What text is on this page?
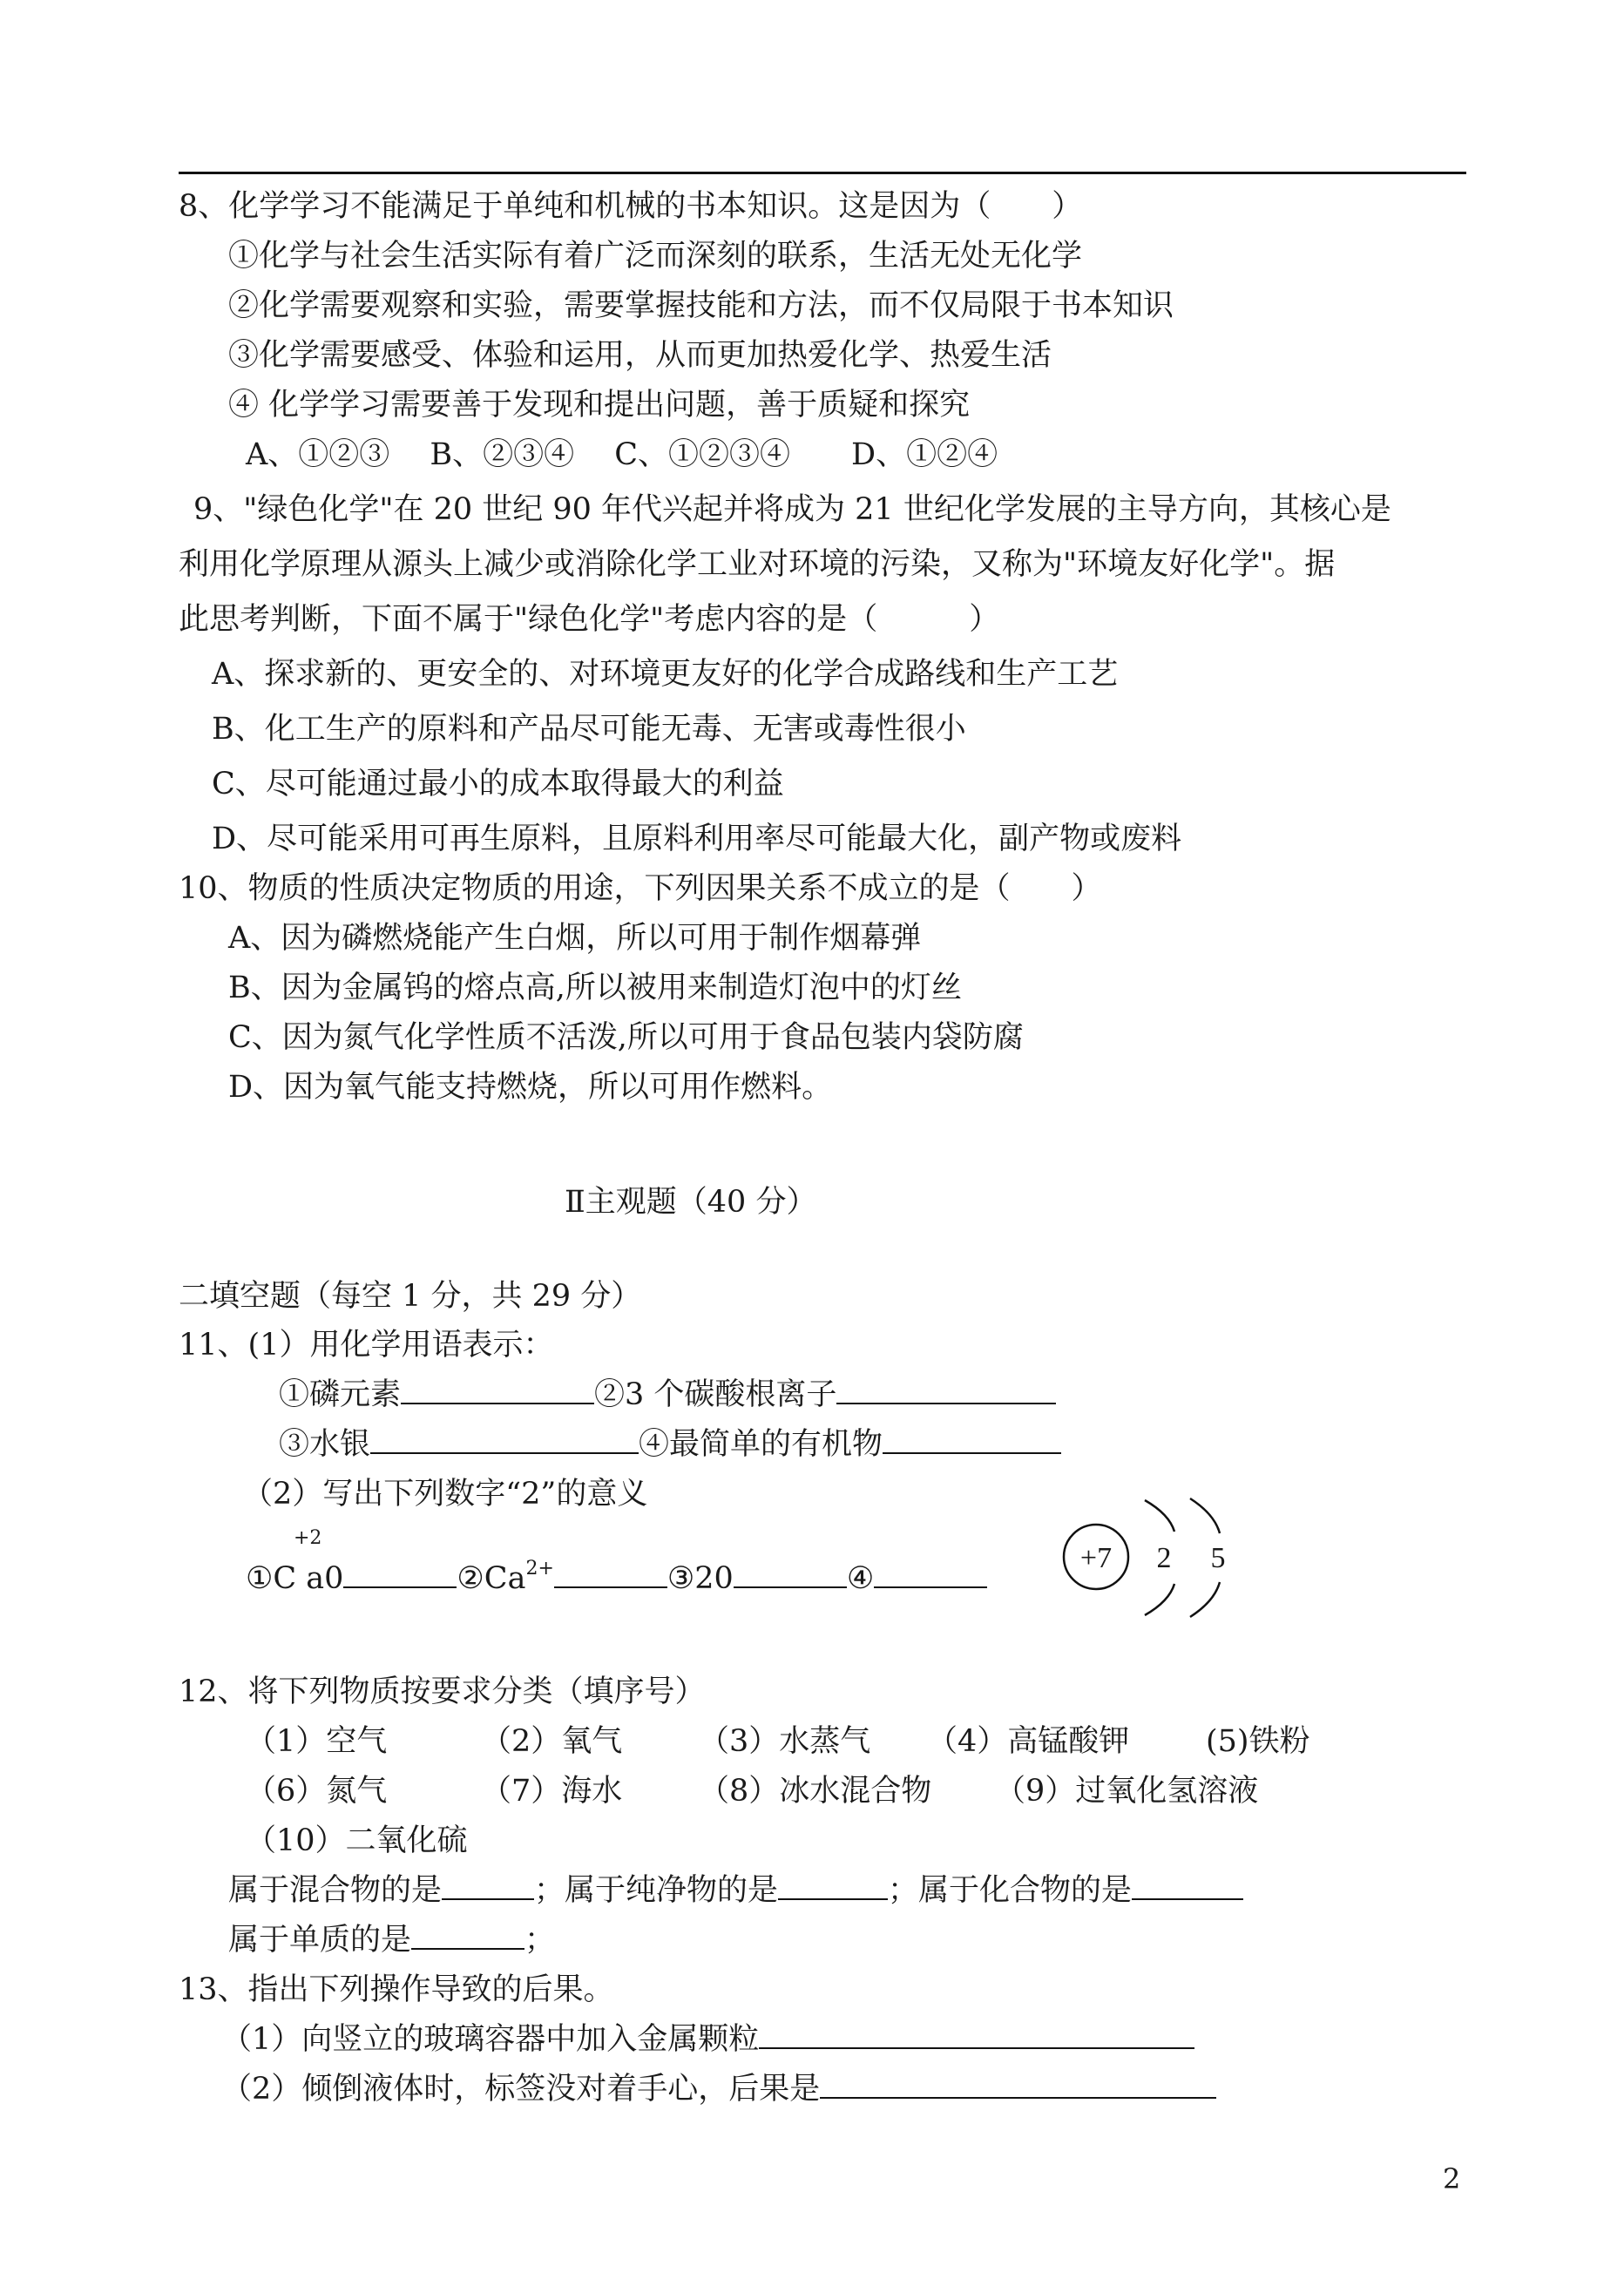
8、化学学习不能满足于单纯和机械的书本知识。这是因为（　　）
①化学与社会生活实际有着广泛而深刻的联系，生活无处无化学
②化学需要观察和实验，需要掌握技能和方法，而不仅局限于书本知识
③化学需要感受、体验和运用，从而更加热爱化学、热爱生活
④ 化学学习需要善于发现和提出问题，善于质疑和探究
A、①②③　 B、②③④　 C、①②③④　　D、①②④
9、"绿色化学"在 20 世纪 90 年代兴起并将成为 21 世纪化学发展的主导方向，其核心是
利用化学原理从源头上减少或消除化学工业对环境的污染，又称为"环境友好化学"。据
此思考判断，下面不属于"绿色化学"考虑内容的是（　　　）
A、探求新的、更安全的、对环境更友好的化学合成路线和生产工艺
B、化工生产的原料和产品尽可能无毒、无害或毒性很小
C、尽可能通过最小的成本取得最大的利益
D、尽可能采用可再生原料，且原料利用率尽可能最大化，副产物或废料
10、物质的性质决定物质的用途，下列因果关系不成立的是（　　）
A、因为磷燃烧能产生白烟，所以可用于制作烟幕弹
B、因为金属钨的熔点高,所以被用来制造灯泡中的灯丝
C、因为氮气化学性质不活泼,所以可用于食品包装内袋防腐
D、因为氧气能支持燃烧，所以可用作燃料。
Ⅱ主观题（40 分）
二填空题（每空 1 分，共 29 分）
11、(1）用化学用语表示：
①磷元素	②3 个碳酸根离子
③水银	④最简单的有机物
（2）写出下列数字“2”的意义
+2
①C a0	$②Ca^{2+}$	③20	④
+7 2 5
12、将下列物质按要求分类（填序号）
（1）空气	（2）氧气	（3）水蒸气 （4）高锰酸钾	(5)铁粉
（6）氮气	（7）海水	（8）冰水混合物 （9）过氧化氢溶液
（10）二氧化硫
属于混合物的是	；属于纯净物的是	；属于化合物的是
属于单质的是	；
13、指出下列操作导致的后果。
（1）向竖立的玻璃容器中加入金属颗粒
（2）倾倒液体时，标签没对着手心，后果是
2
